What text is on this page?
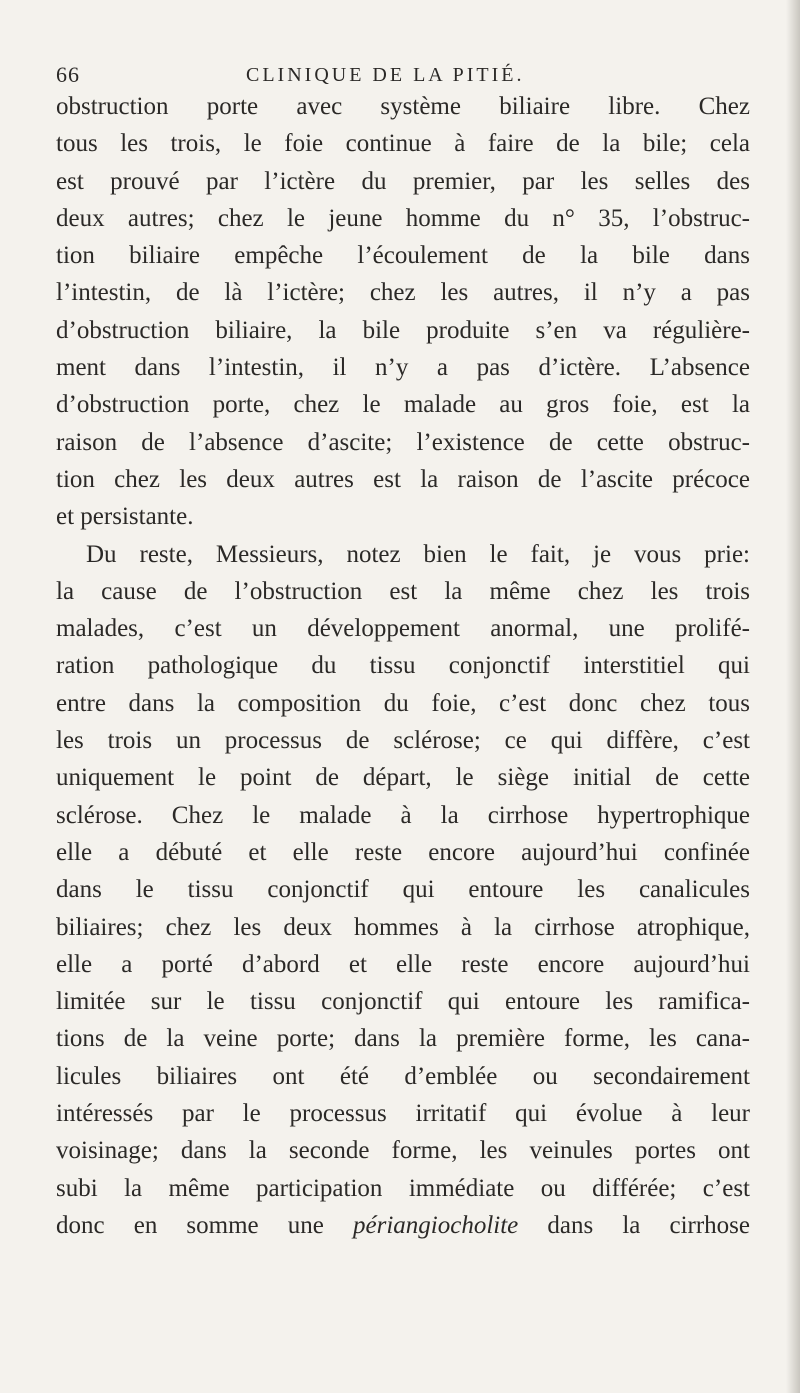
66	CLINIQUE DE LA PITIÉ.
obstruction porte avec système biliaire libre. Chez
tous les trois, le foie continue à faire de la bile; cela
est prouvé par l’ictère du premier, par les selles des
deux autres; chez le jeune homme du n° 35, l’obstruc-
tion biliaire empêche l’écoulement de la bile dans
l’intestin, de là l’ictère; chez les autres, il n’y a pas
d’obstruction biliaire, la bile produite s’en va régulière-
ment dans l’intestin, il n’y a pas d’ictère. L’absence
d’obstruction porte, chez le malade au gros foie, est la
raison de l’absence d’ascite; l’existence de cette obstruc-
tion chez les deux autres est la raison de l’ascite précoce
et persistante.
Du reste, Messieurs, notez bien le fait, je vous prie:
la cause de l’obstruction est la même chez les trois
malades, c’est un développement anormal, une prolifé-
ration pathologique du tissu conjonctif interstitiel qui
entre dans la composition du foie, c’est donc chez tous
les trois un processus de sclérose; ce qui diffère, c’est
uniquement le point de départ, le siège initial de cette
sclérose. Chez le malade à la cirrhose hypertrophique
elle a débuté et elle reste encore aujourd’hui confinée
dans le tissu conjonctif qui entoure les canalicules
biliaires; chez les deux hommes à la cirrhose atrophique,
elle a porté d’abord et elle reste encore aujourd’hui
limitée sur le tissu conjonctif qui entoure les ramifica-
tions de la veine porte; dans la première forme, les cana-
licules biliaires ont été d’emblée ou secondairement
intéressés par le processus irritatif qui évolue à leur
voisinage; dans la seconde forme, les veinules portes ont
subi la même participation immédiate ou différée; c’est
donc en somme une périangiocholite dans la cirrhose
